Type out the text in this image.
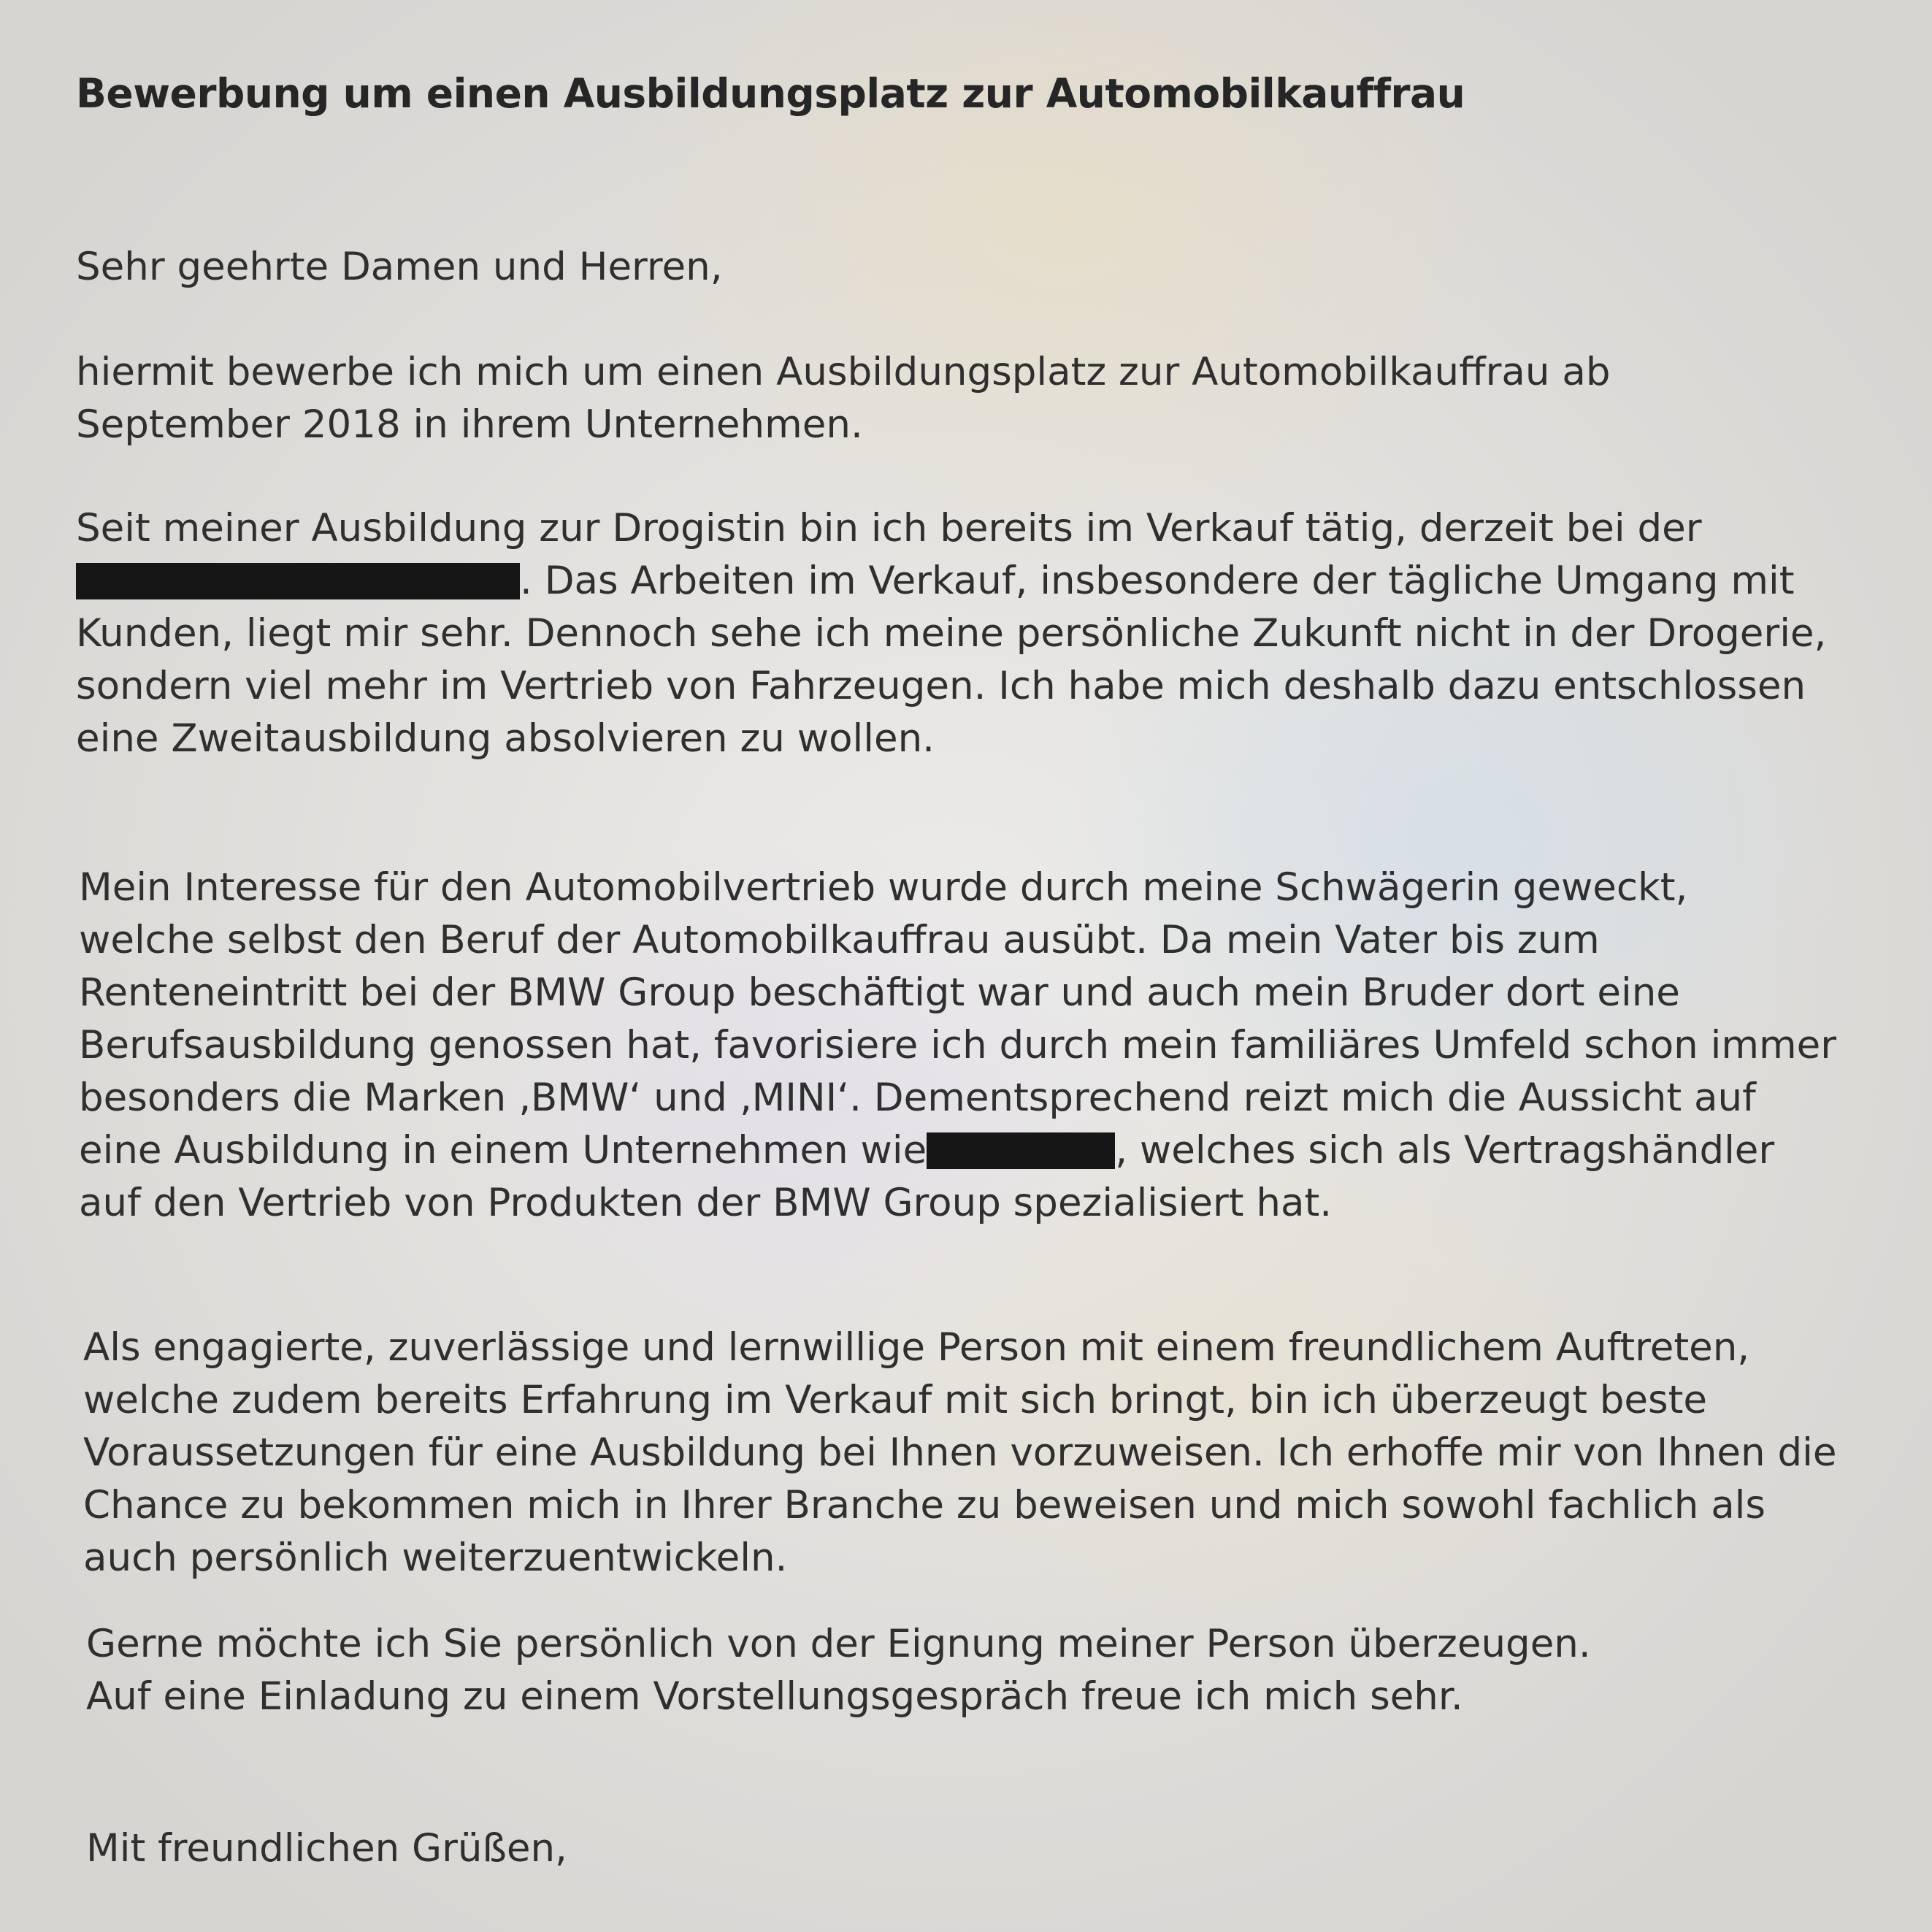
Bewerbung um einen Ausbildungsplatz zur Automobilkauffrau
Sehr geehrte Damen und Herren,
hiermit bewerbe ich mich um einen Ausbildungsplatz zur Automobilkauffrau ab
September 2018 in ihrem Unternehmen.
Seit meiner Ausbildung zur Drogistin bin ich bereits im Verkauf tätig, derzeit bei der
. Das Arbeiten im Verkauf, insbesondere der tägliche Umgang mit
Kunden, liegt mir sehr. Dennoch sehe ich meine persönliche Zukunft nicht in der Drogerie,
sondern viel mehr im Vertrieb von Fahrzeugen. Ich habe mich deshalb dazu entschlossen
eine Zweitausbildung absolvieren zu wollen.
Mein Interesse für den Automobilvertrieb wurde durch meine Schwägerin geweckt,
welche selbst den Beruf der Automobilkauffrau ausübt. Da mein Vater bis zum
Renteneintritt bei der BMW Group beschäftigt war und auch mein Bruder dort eine
Berufsausbildung genossen hat, favorisiere ich durch mein familiäres Umfeld schon immer
besonders die Marken ‚BMW‘ und ‚MINI‘. Dementsprechend reizt mich die Aussicht auf
eine Ausbildung in einem Unternehmen wie	, welches sich als Vertragshändler
auf den Vertrieb von Produkten der BMW Group spezialisiert hat.
Als engagierte, zuverlässige und lernwillige Person mit einem freundlichem Auftreten,
welche zudem bereits Erfahrung im Verkauf mit sich bringt, bin ich überzeugt beste
Voraussetzungen für eine Ausbildung bei Ihnen vorzuweisen. Ich erhoffe mir von Ihnen die
Chance zu bekommen mich in Ihrer Branche zu beweisen und mich sowohl fachlich als
auch persönlich weiterzuentwickeln.
Gerne möchte ich Sie persönlich von der Eignung meiner Person überzeugen.
Auf eine Einladung zu einem Vorstellungsgespräch freue ich mich sehr.
Mit freundlichen Grüßen,
